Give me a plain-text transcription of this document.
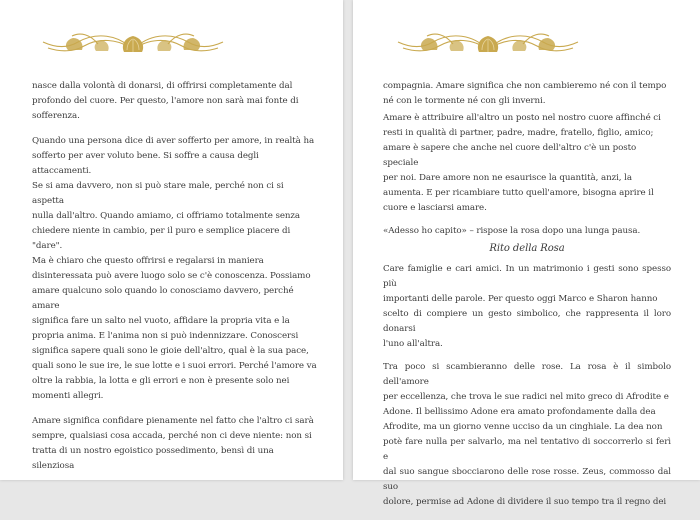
nasce dalla volontà di donarsi, di offrirsi completamente dal
profondo del cuore. Per questo, l'amore non sarà mai fonte di
sofferenza.

Quando una persona dice di aver sofferto per amore, in realtà ha
sofferto per aver voluto bene. Si soffre a causa degli attaccamenti.
Se si ama davvero, non si può stare male, perché non ci si aspetta
nulla dall'altro. Quando amiamo, ci offriamo totalmente senza
chiedere niente in cambio, per il puro e semplice piacere di "dare".
Ma è chiaro che questo offrirsi e regalarsi in maniera
disinteressata può avere luogo solo se c'è conoscenza. Possiamo
amare qualcuno solo quando lo conosciamo davvero, perché amare
significa fare un salto nel vuoto, affidare la propria vita e la
propria anima. E l'anima non si può indennizzare. Conoscersi
significa sapere quali sono le gioie dell'altro, qual è la sua pace,
quali sono le sue ire, le sue lotte e i suoi errori. Perché l'amore va
oltre la rabbia, la lotta e gli errori e non è presente solo nei
momenti allegri.

Amare significa confidare pienamente nel fatto che l'altro ci sarà
sempre, qualsiasi cosa accada, perché non ci deve niente: non si
tratta di un nostro egoistico possedimento, bensì di una silenziosa

compagnia. Amare significa che non cambieremo né con il tempo
né con le tormente né con gli inverni.

Amare è attribuire all'altro un posto nel nostro cuore affinché ci
resti in qualità di partner, padre, madre, fratello, figlio, amico;
amare è sapere che anche nel cuore dell'altro c'è un posto speciale
per noi. Dare amore non ne esaurisce la quantità, anzi, la
aumenta. E per ricambiare tutto quell'amore, bisogna aprire il
cuore e lasciarsi amare.

«Adesso ho capito» – rispose la rosa dopo una lunga pausa.

Rito della Rosa

Care famiglie e cari amici. In un matrimonio i gesti sono spesso più
importanti delle parole. Per questo oggi Marco e Sharon hanno
scelto di compiere un gesto simbolico, che rappresenta il loro donarsi
l'uno all'altra.

Tra poco si scambieranno delle rose. La rosa è il simbolo dell'amore
per eccellenza, che trova le sue radici nel mito greco di Afrodite e
Adone. Il bellissimo Adone era amato profondamente dalla dea
Afrodite, ma un giorno venne ucciso da un cinghiale. La dea non
potè fare nulla per salvarlo, ma nel tentativo di soccorrerlo si ferì e
dal suo sangue sbocciarono delle rose rosse. Zeus, commosso dal suo
dolore, permise ad Adone di dividere il suo tempo tra il regno dei
